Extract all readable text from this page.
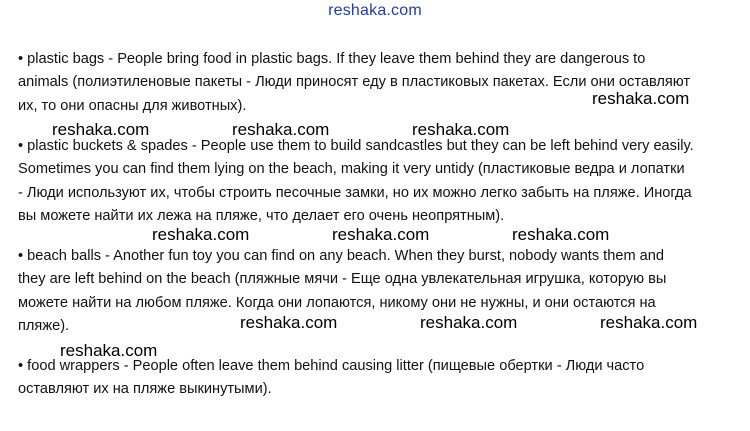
reshaka.com
• plastic bags - People bring food in plastic bags. If they leave them behind they are dangerous to
animals (полиэтиленовые пакеты - Люди приносят еду в пластиковых пакетах. Если они оставляют
их, то они опасны для животных).
• plastic buckets & spades - People use them to build sandcastles but they can be left behind very easily.
Sometimes you can find them lying on the beach, making it very untidy (пластиковые ведра и лопатки
- Люди используют их, чтобы строить песочные замки, но их можно легко забыть на пляже. Иногда
вы можете найти их лежа на пляже, что делает его очень неопрятным).
• beach balls - Another fun toy you can find on any beach. When they burst, nobody wants them and
they are left behind on the beach (пляжные мячи - Еще одна увлекательная игрушка, которую вы
можете найти на любом пляже. Когда они лопаются, никому они не нужны, и они остаются на
пляже).
• food wrappers - People often leave them behind causing litter (пищевые обертки - Люди часто
оставляют их на пляже выкинутыми).
reshaka.com
reshaka.com	reshaka.com	reshaka.com
reshaka.com	reshaka.com	reshaka.com
reshaka.com	reshaka.com	reshaka.com
reshaka.com
